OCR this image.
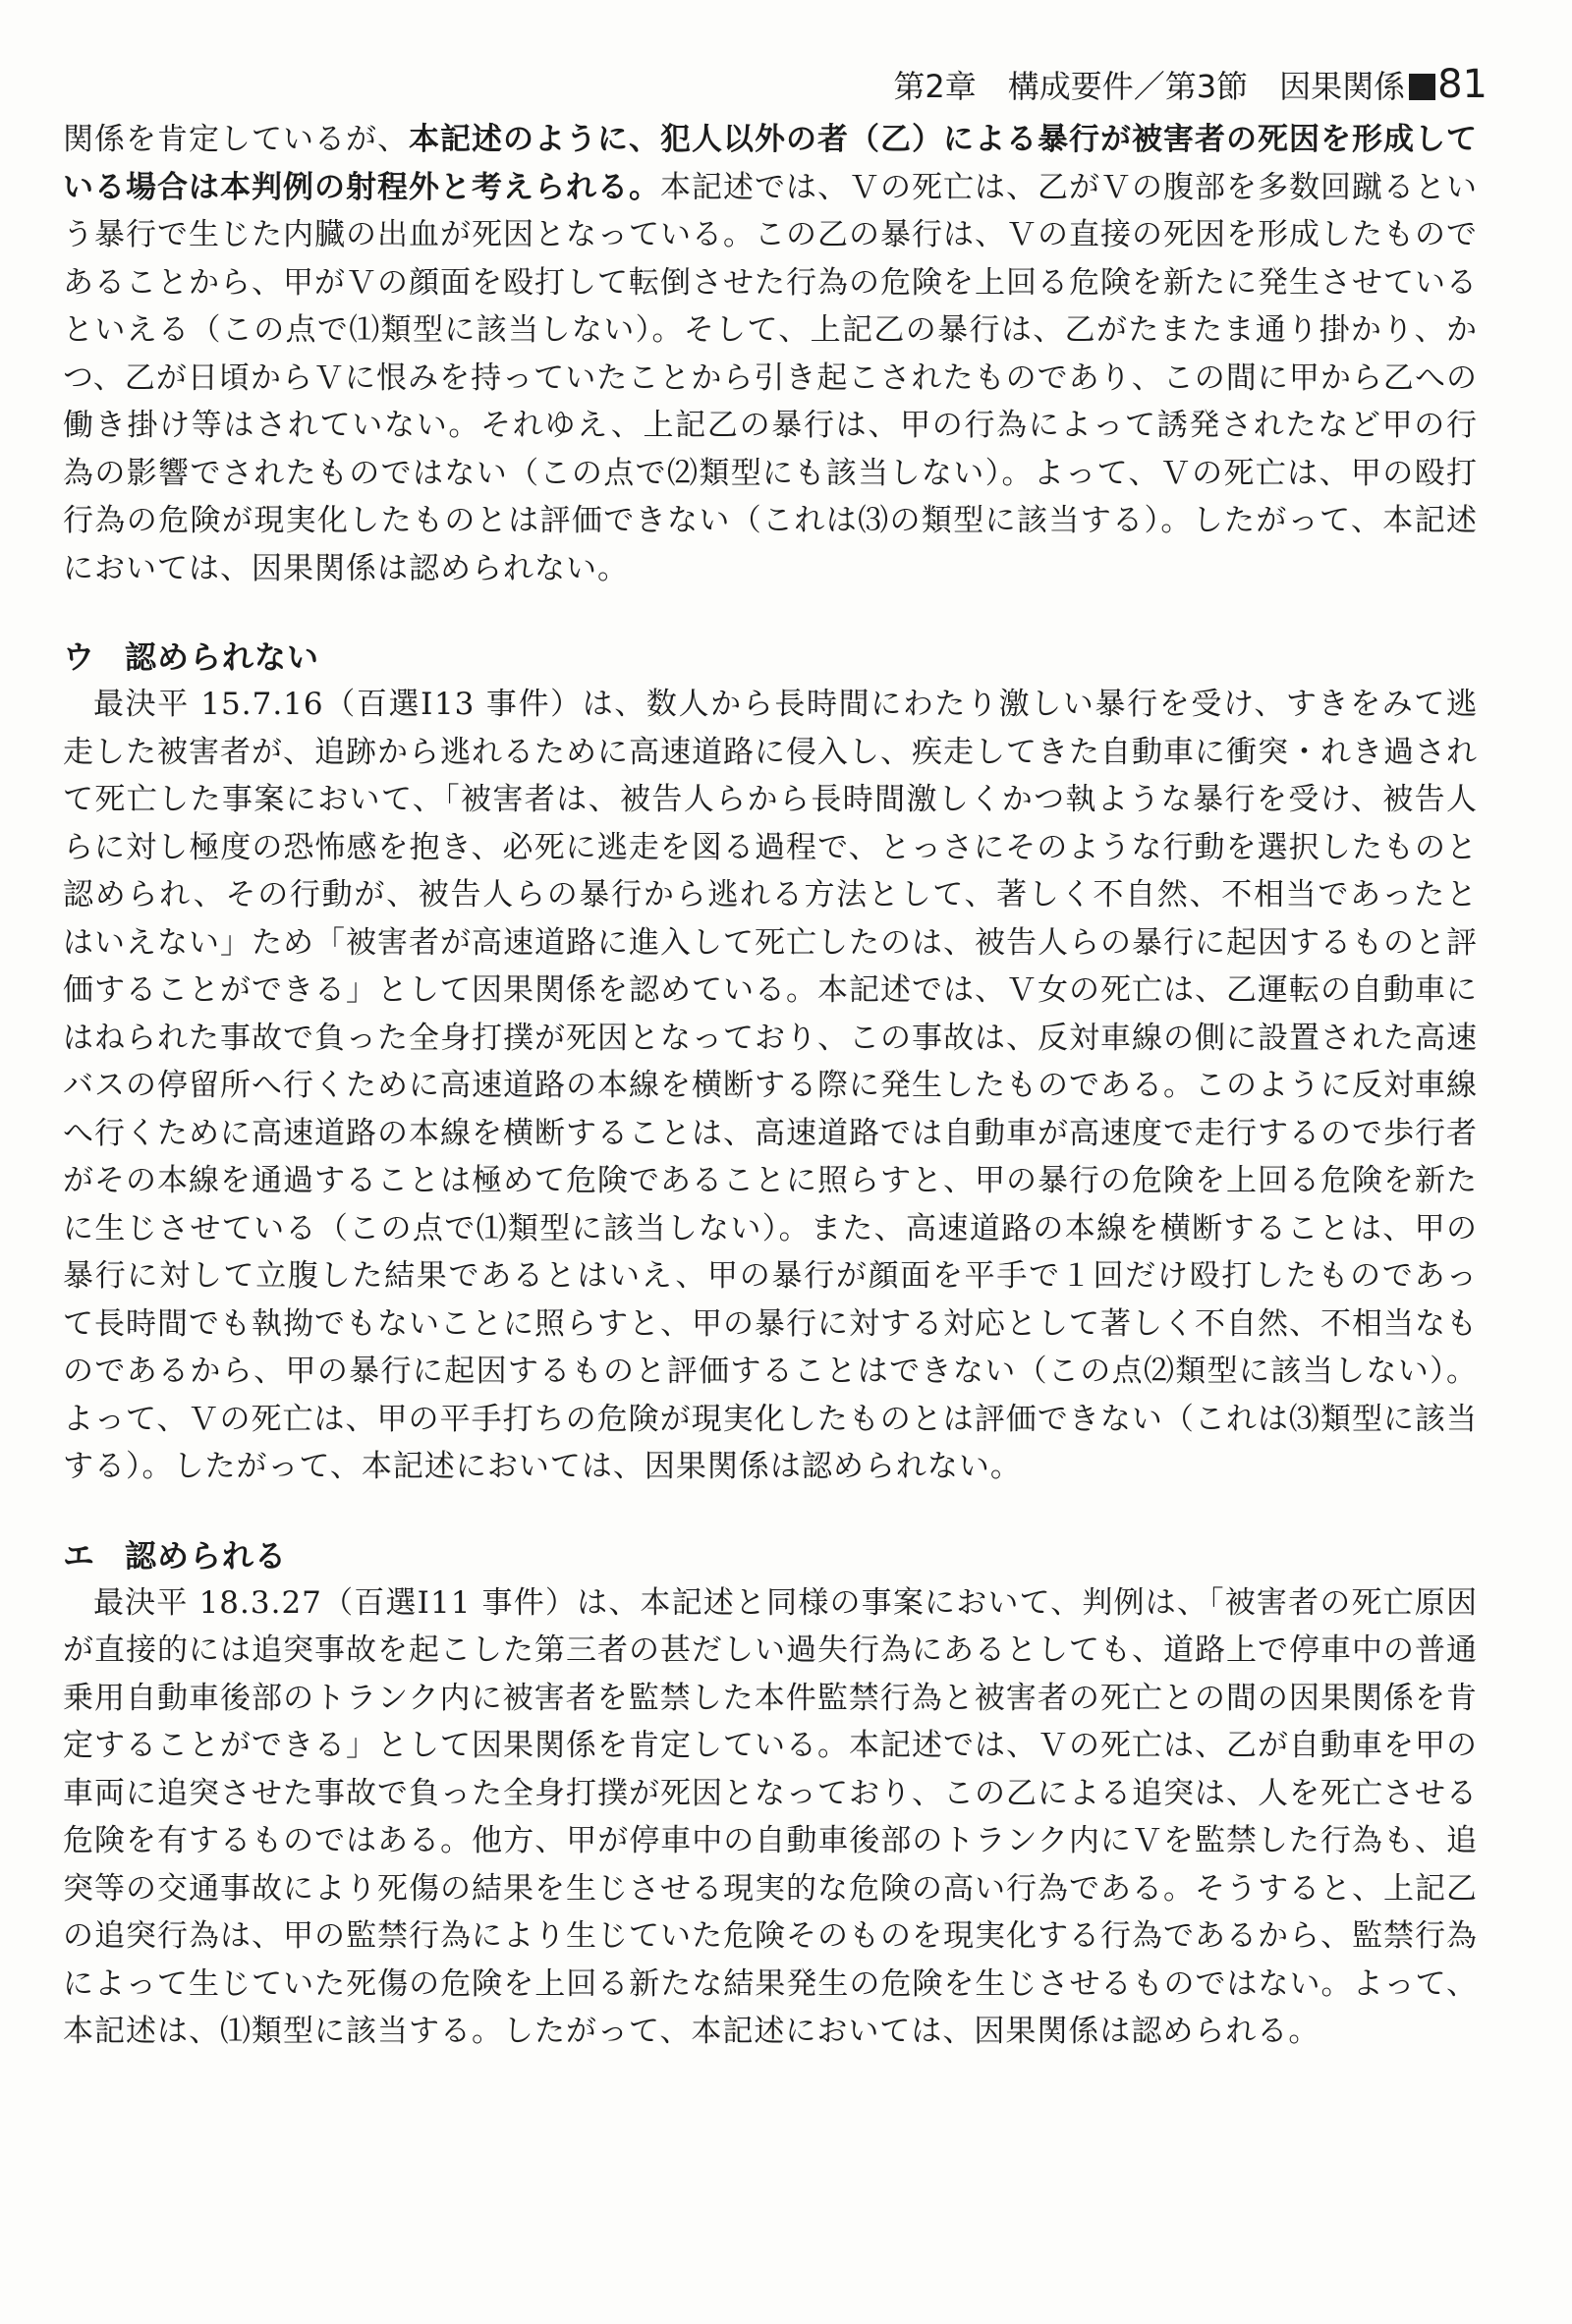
第2章　構成要件／第3節　因果関係 81

関係を肯定しているが、本記述のように、犯人以外の者（乙）による暴行が被害者の死因を形成している場合は本判例の射程外と考えられる。本記述では、Ｖの死亡は、乙がＶの腹部を多数回蹴るという暴行で生じた内臓の出血が死因となっている。この乙の暴行は、Ｖの直接の死因を形成したものであることから、甲がＶの顔面を殴打して転倒させた行為の危険を上回る危険を新たに発生させているといえる（この点で⑴類型に該当しない）。そして、上記乙の暴行は、乙がたまたま通り掛かり、かつ、乙が日頃からＶに恨みを持っていたことから引き起こされたものであり、この間に甲から乙への働き掛け等はされていない。それゆえ、上記乙の暴行は、甲の行為によって誘発されたなど甲の行為の影響でされたものではない（この点で⑵類型にも該当しない）。よって、Ｖの死亡は、甲の殴打行為の危険が現実化したものとは評価できない（これは⑶の類型に該当する）。したがって、本記述においては、因果関係は認められない。

ウ 認められない

最決平 15.7.16（百選Ⅰ13 事件）は、数人から長時間にわたり激しい暴行を受け、すきをみて逃走した被害者が、追跡から逃れるために高速道路に侵入し、疾走してきた自動車に衝突・れき過されて死亡した事案において、「被害者は、被告人らから長時間激しくかつ執ような暴行を受け、被告人らに対し極度の恐怖感を抱き、必死に逃走を図る過程で、とっさにそのような行動を選択したものと認められ、その行動が、被告人らの暴行から逃れる方法として、著しく不自然、不相当であったとはいえない」ため「被害者が高速道路に進入して死亡したのは、被告人らの暴行に起因するものと評価することができる」として因果関係を認めている。本記述では、Ｖ女の死亡は、乙運転の自動車にはねられた事故で負った全身打撲が死因となっており、この事故は、反対車線の側に設置された高速バスの停留所へ行くために高速道路の本線を横断する際に発生したものである。このように反対車線へ行くために高速道路の本線を横断することは、高速道路では自動車が高速度で走行するので歩行者がその本線を通過することは極めて危険であることに照らすと、甲の暴行の危険を上回る危険を新たに生じさせている（この点で⑴類型に該当しない）。また、高速道路の本線を横断することは、甲の暴行に対して立腹した結果であるとはいえ、甲の暴行が顔面を平手で１回だけ殴打したものであって長時間でも執拗でもないことに照らすと、甲の暴行に対する対応として著しく不自然、不相当なものであるから、甲の暴行に起因するものと評価することはできない（この点⑵類型に該当しない）。よって、Ｖの死亡は、甲の平手打ちの危険が現実化したものとは評価できない（これは⑶類型に該当する）。したがって、本記述においては、因果関係は認められない。

エ 認められる

最決平 18.3.27（百選Ⅰ11 事件）は、本記述と同様の事案において、判例は、「被害者の死亡原因が直接的には追突事故を起こした第三者の甚だしい過失行為にあるとしても、道路上で停車中の普通乗用自動車後部のトランク内に被害者を監禁した本件監禁行為と被害者の死亡との間の因果関係を肯定することができる」として因果関係を肯定している。本記述では、Ｖの死亡は、乙が自動車を甲の車両に追突させた事故で負った全身打撲が死因となっており、この乙による追突は、人を死亡させる危険を有するものではある。他方、甲が停車中の自動車後部のトランク内にＶを監禁した行為も、追突等の交通事故により死傷の結果を生じさせる現実的な危険の高い行為である。そうすると、上記乙の追突行為は、甲の監禁行為により生じていた危険そのものを現実化する行為であるから、監禁行為によって生じていた死傷の危険を上回る新たな結果発生の危険を生じさせるものではない。よって、本記述は、⑴類型に該当する。したがって、本記述においては、因果関係は認められる。
